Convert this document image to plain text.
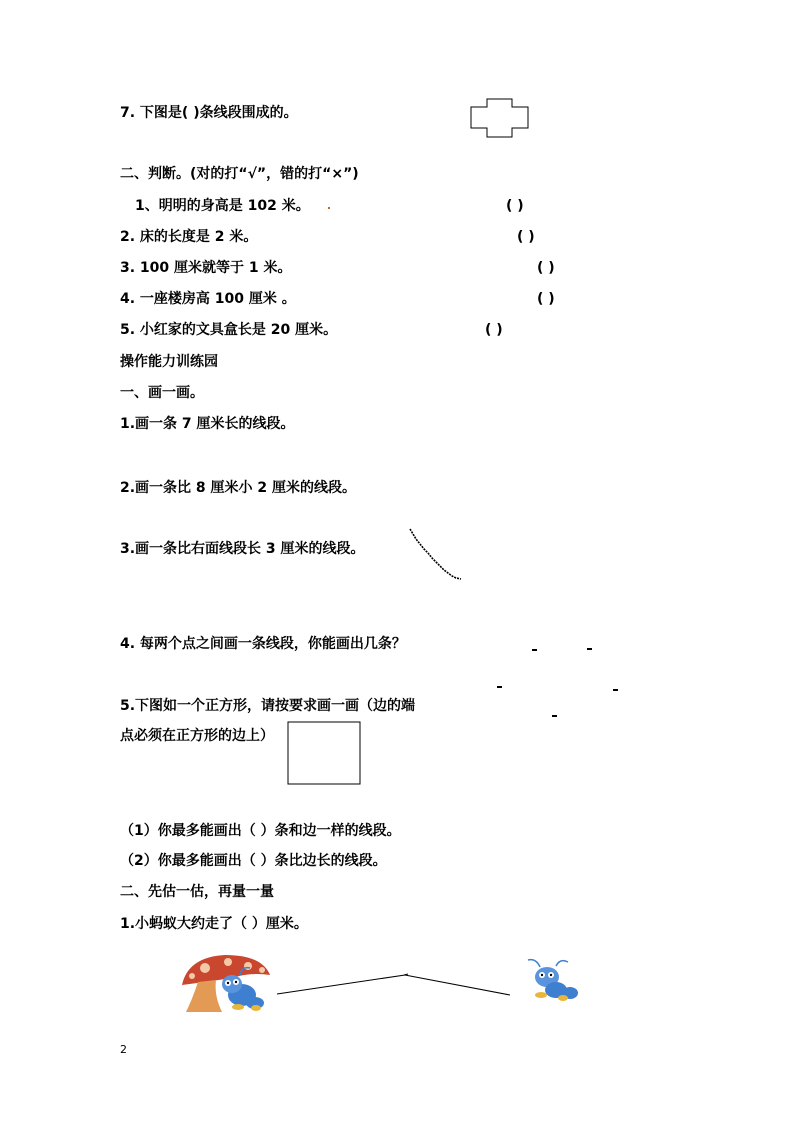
7. 下图是( )条线段围成的。
二、判断。(对的打“√”，错的打“×”)
1、明明的身高是 102 米。	( )
2. 床的长度是 2 米。	( )
3. 100 厘米就等于 1 米。	( )
4. 一座楼房高 100 厘米 。	( )
5. 小红家的文具盒长是 20 厘米。	( )
操作能力训练园
一、画一画。
1.画一条 7 厘米长的线段。
2.画一条比 8 厘米小 2 厘米的线段。
3.画一条比右面线段长 3 厘米的线段。
4. 每两个点之间画一条线段，你能画出几条？
5.下图如一个正方形，请按要求画一画（边的端
点必须在正方形的边上）
（1）你最多能画出（ ）条和边一样的线段。
（2）你最多能画出（ ）条比边长的线段。
二、先估一估，再量一量
1.小蚂蚁大约走了（ ）厘米。
2
